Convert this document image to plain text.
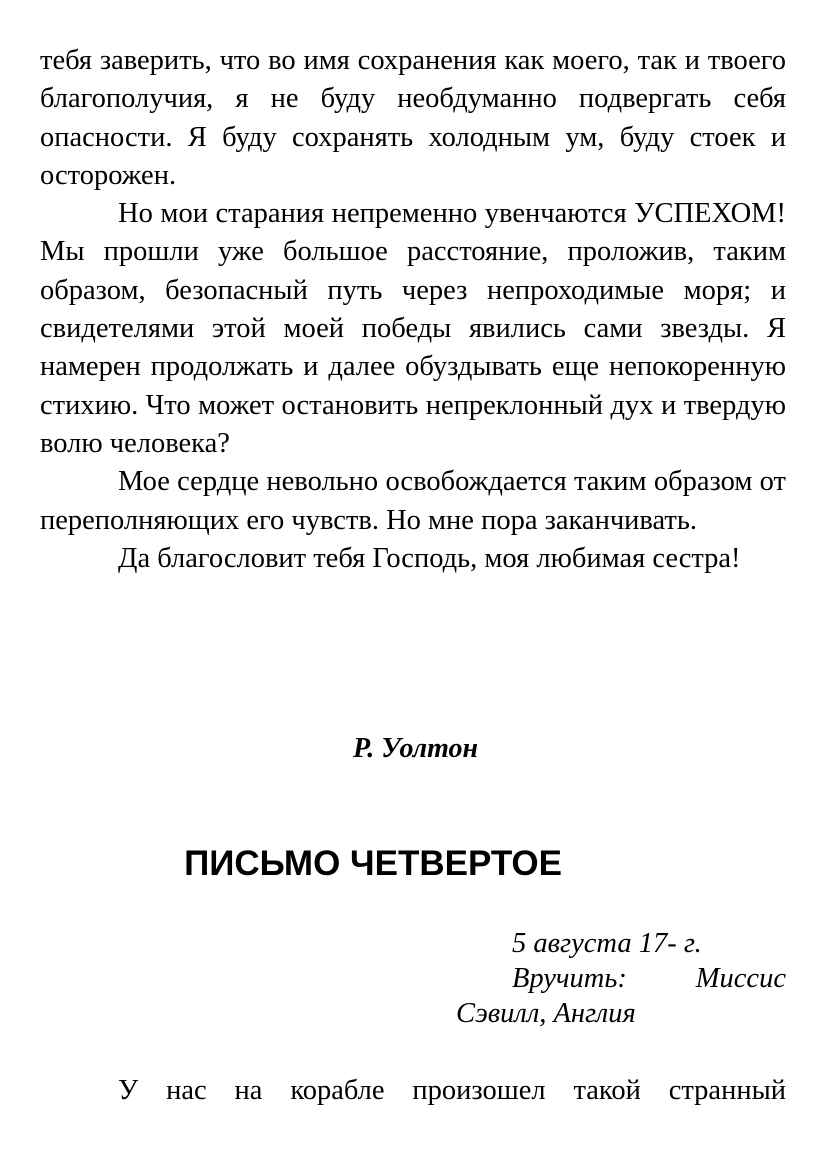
тебя заверить, что во имя сохранения как моего, так и твоего благополучия, я не буду необдуманно подвергать себя опасности. Я буду сохранять холодным ум, буду стоек и осторожен.

Но мои старания непременно увенчаются УСПЕХОМ! Мы прошли уже большое расстояние, проложив, таким образом, безопасный путь через непроходимые моря; и свидетелями этой моей победы явились сами звезды. Я намерен продолжать и далее обуздывать еще непокоренную стихию. Что может остановить непреклонный дух и твердую волю человека?

Мое сердце невольно освобождается таким образом от переполняющих его чувств. Но мне пора заканчивать.

Да благословит тебя Господь, моя любимая сестра!

Р. Уолтон

ПИСЬМО ЧЕТВЕРТОЕ
5 августа 17- г.
Вручить: Миссис
Сэвилл, Англия

У нас на корабле произошел такой странный
